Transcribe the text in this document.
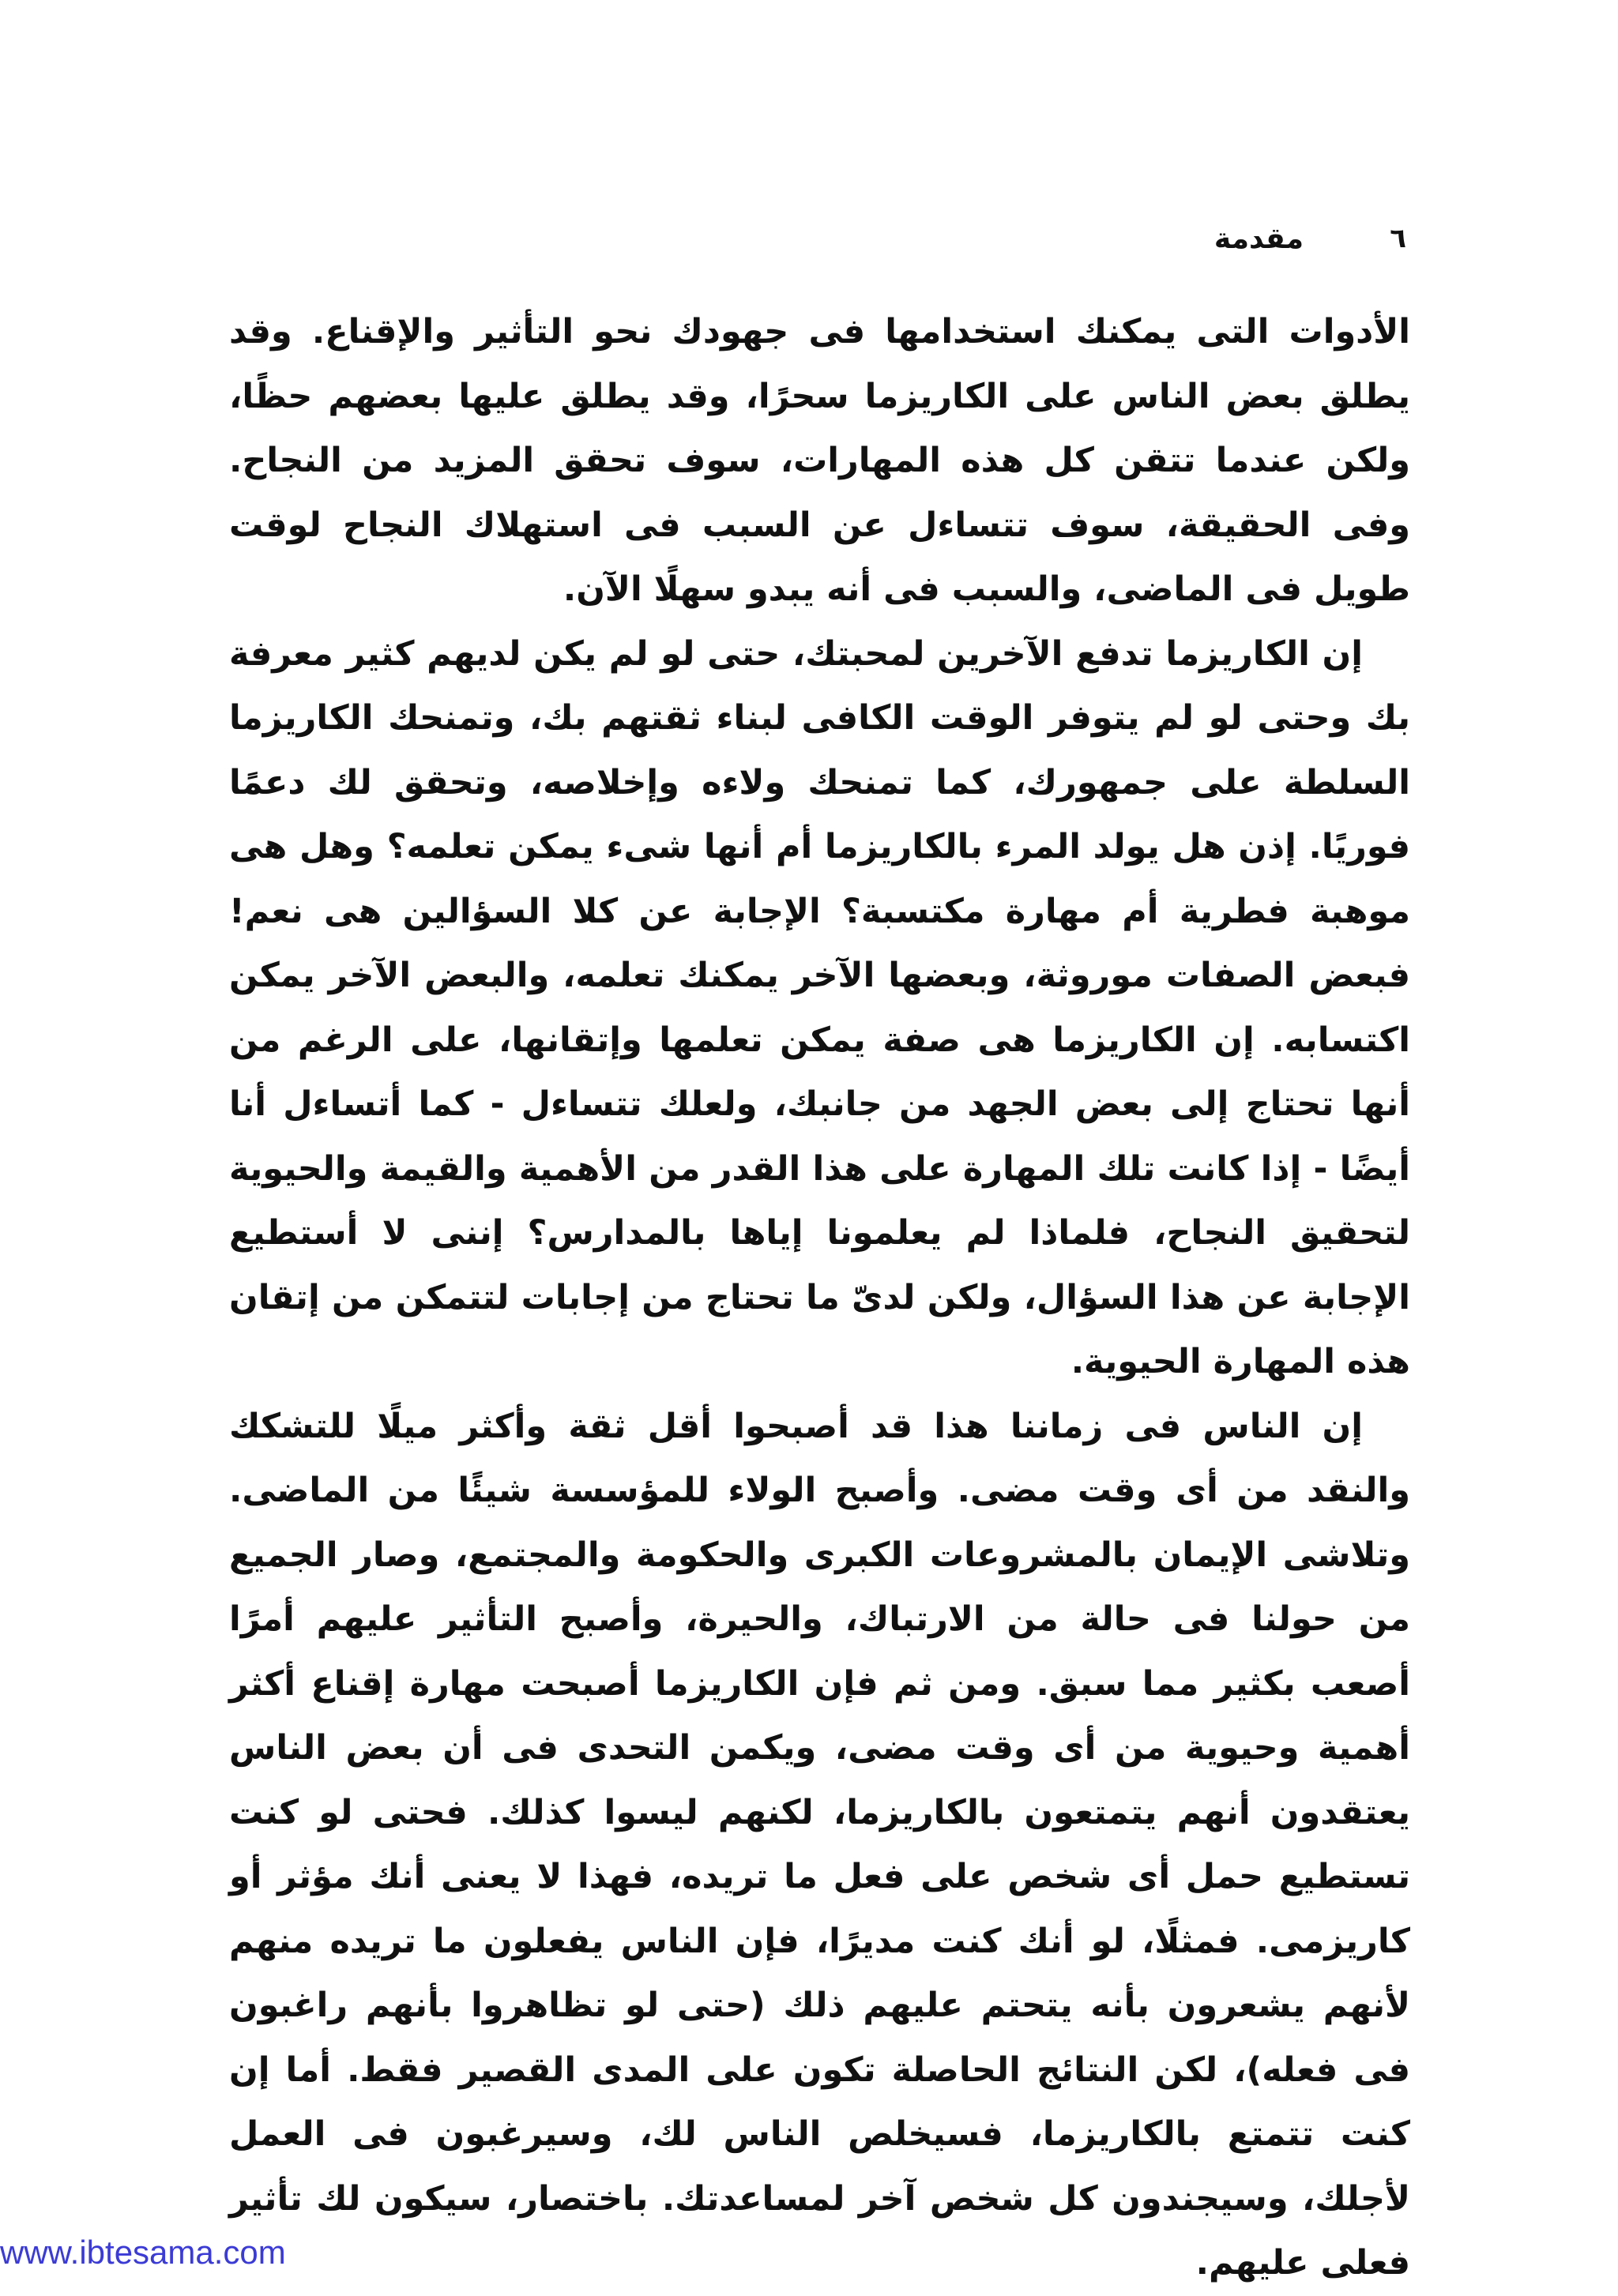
٦
مقدمة

الأدوات التى يمكنك استخدامها فى جهودك نحو التأثير والإقناع. وقد يطلق بعض الناس على الكاريزما سحرًا، وقد يطلق عليها بعضهم حظًا، ولكن عندما تتقن كل هذه المهارات، سوف تحقق المزيد من النجاح. وفى الحقيقة، سوف تتساءل عن السبب فى استهلاك النجاح لوقت طويل فى الماضى، والسبب فى أنه يبدو سهلًا الآن.

إن الكاريزما تدفع الآخرين لمحبتك، حتى لو لم يكن لديهم كثير معرفة بك وحتى لو لم يتوفر الوقت الكافى لبناء ثقتهم بك، وتمنحك الكاريزما السلطة على جمهورك، كما تمنحك ولاءه وإخلاصه، وتحقق لك دعمًا فوريًا. إذن هل يولد المرء بالكاريزما أم أنها شىء يمكن تعلمه؟ وهل هى موهبة فطرية أم مهارة مكتسبة؟ الإجابة عن كلا السؤالين هى نعم! فبعض الصفات موروثة، وبعضها الآخر يمكنك تعلمه، والبعض الآخر يمكن اكتسابه. إن الكاريزما هى صفة يمكن تعلمها وإتقانها، على الرغم من أنها تحتاج إلى بعض الجهد من جانبك، ولعلك تتساءل - كما أتساءل أنا أيضًا - إذا كانت تلك المهارة على هذا القدر من الأهمية والقيمة والحيوية لتحقيق النجاح، فلماذا لم يعلمونا إياها بالمدارس؟ إننى لا أستطيع الإجابة عن هذا السؤال، ولكن لدىّ ما تحتاج من إجابات لتتمكن من إتقان هذه المهارة الحيوية.

إن الناس فى زماننا هذا قد أصبحوا أقل ثقة وأكثر ميلًا للتشكك والنقد من أى وقت مضى. وأصبح الولاء للمؤسسة شيئًا من الماضى. وتلاشى الإيمان بالمشروعات الكبرى والحكومة والمجتمع، وصار الجميع من حولنا فى حالة من الارتباك، والحيرة، وأصبح التأثير عليهم أمرًا أصعب بكثير مما سبق. ومن ثم فإن الكاريزما أصبحت مهارة إقناع أكثر أهمية وحيوية من أى وقت مضى، ويكمن التحدى فى أن بعض الناس يعتقدون أنهم يتمتعون بالكاريزما، لكنهم ليسوا كذلك. فحتى لو كنت تستطيع حمل أى شخص على فعل ما تريده، فهذا لا يعنى أنك مؤثر أو كاريزمى. فمثلًا، لو أنك كنت مديرًا، فإن الناس يفعلون ما تريده منهم لأنهم يشعرون بأنه يتحتم عليهم ذلك (حتى لو تظاهروا بأنهم راغبون فى فعله)، لكن النتائج الحاصلة تكون على المدى القصير فقط. أما إن كنت تتمتع بالكاريزما، فسيخلص الناس لك، وسيرغبون فى العمل لأجلك، وسيجندون كل شخص آخر لمساعدتك. باختصار، سيكون لك تأثير فعلى عليهم.

www.ibtesama.com
